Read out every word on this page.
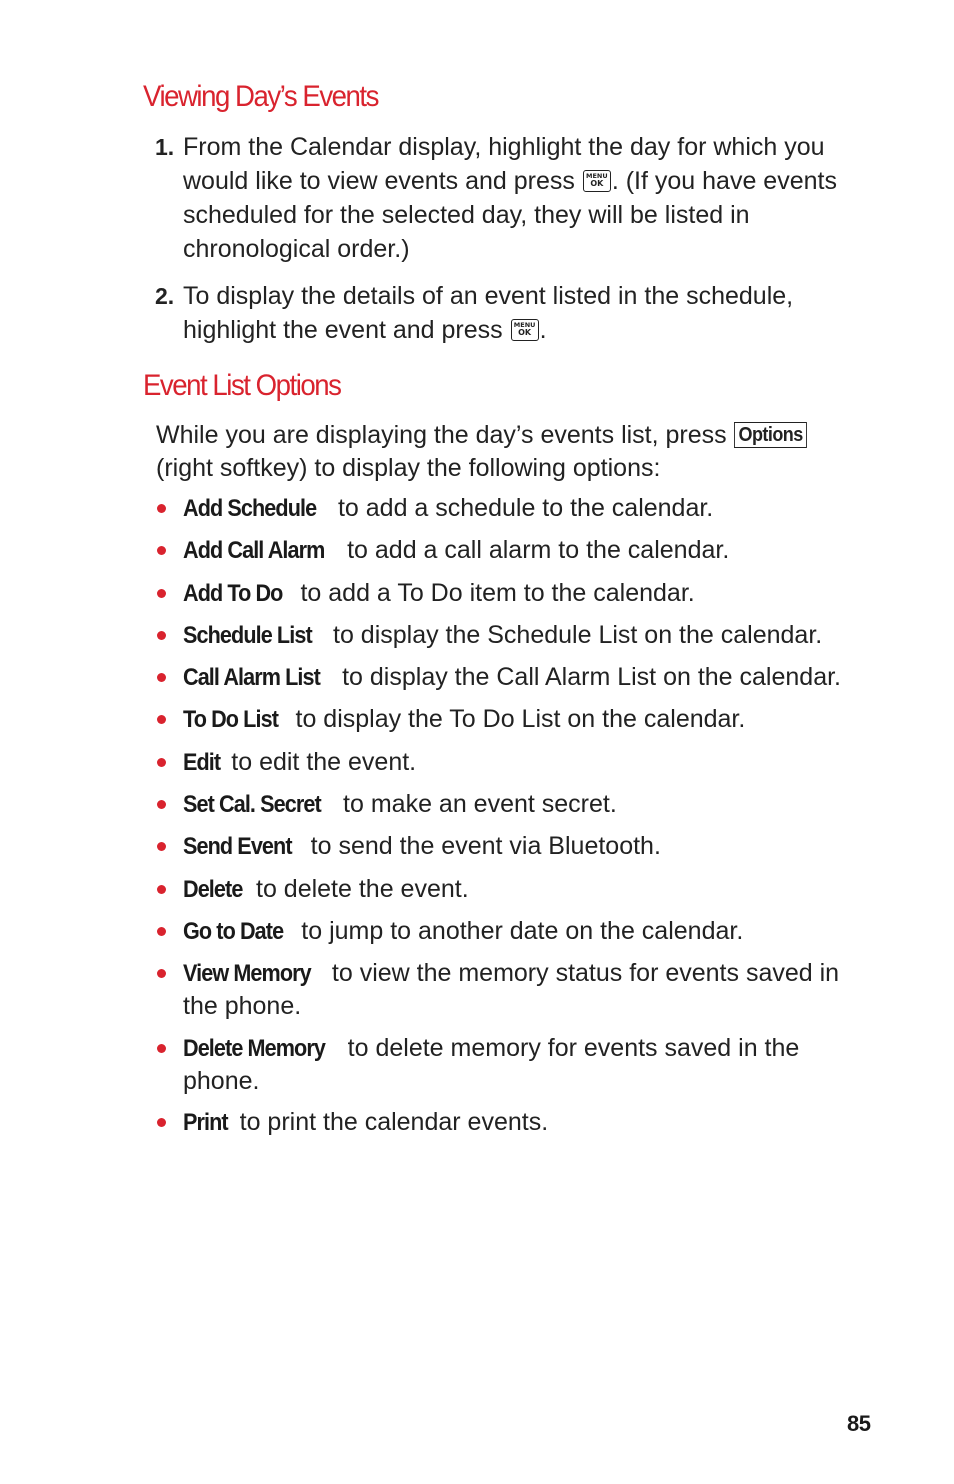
Viewing Day’s Events
1. From the Calendar display, highlight the day for which you would like to view events and press MENU
OK . (If you have events scheduled for the selected day, they will be listed in chronological order.)
2. To display the details of an event listed in the schedule, highlight the event and press MENU
OK .
Event List Options

While you are displaying the day’s events list, press Options (right softkey) to display the following options:

Add Schedule to add a schedule to the calendar.
Add Call Alarm to add a call alarm to the calendar.
Add To Do to add a To Do item to the calendar.
Schedule List to display the Schedule List on the calendar.
Call Alarm List to display the Call Alarm List on the calendar.
To Do List to display the To Do List on the calendar.
Edit to edit the event.
Set Cal. Secret to make an event secret.
Send Event to send the event via Bluetooth.
Delete to delete the event.
Go to Date to jump to another date on the calendar.
View Memory to view the memory status for events saved in the phone.
Delete Memory to delete memory for events saved in the phone.
Print to print the calendar events.
85
